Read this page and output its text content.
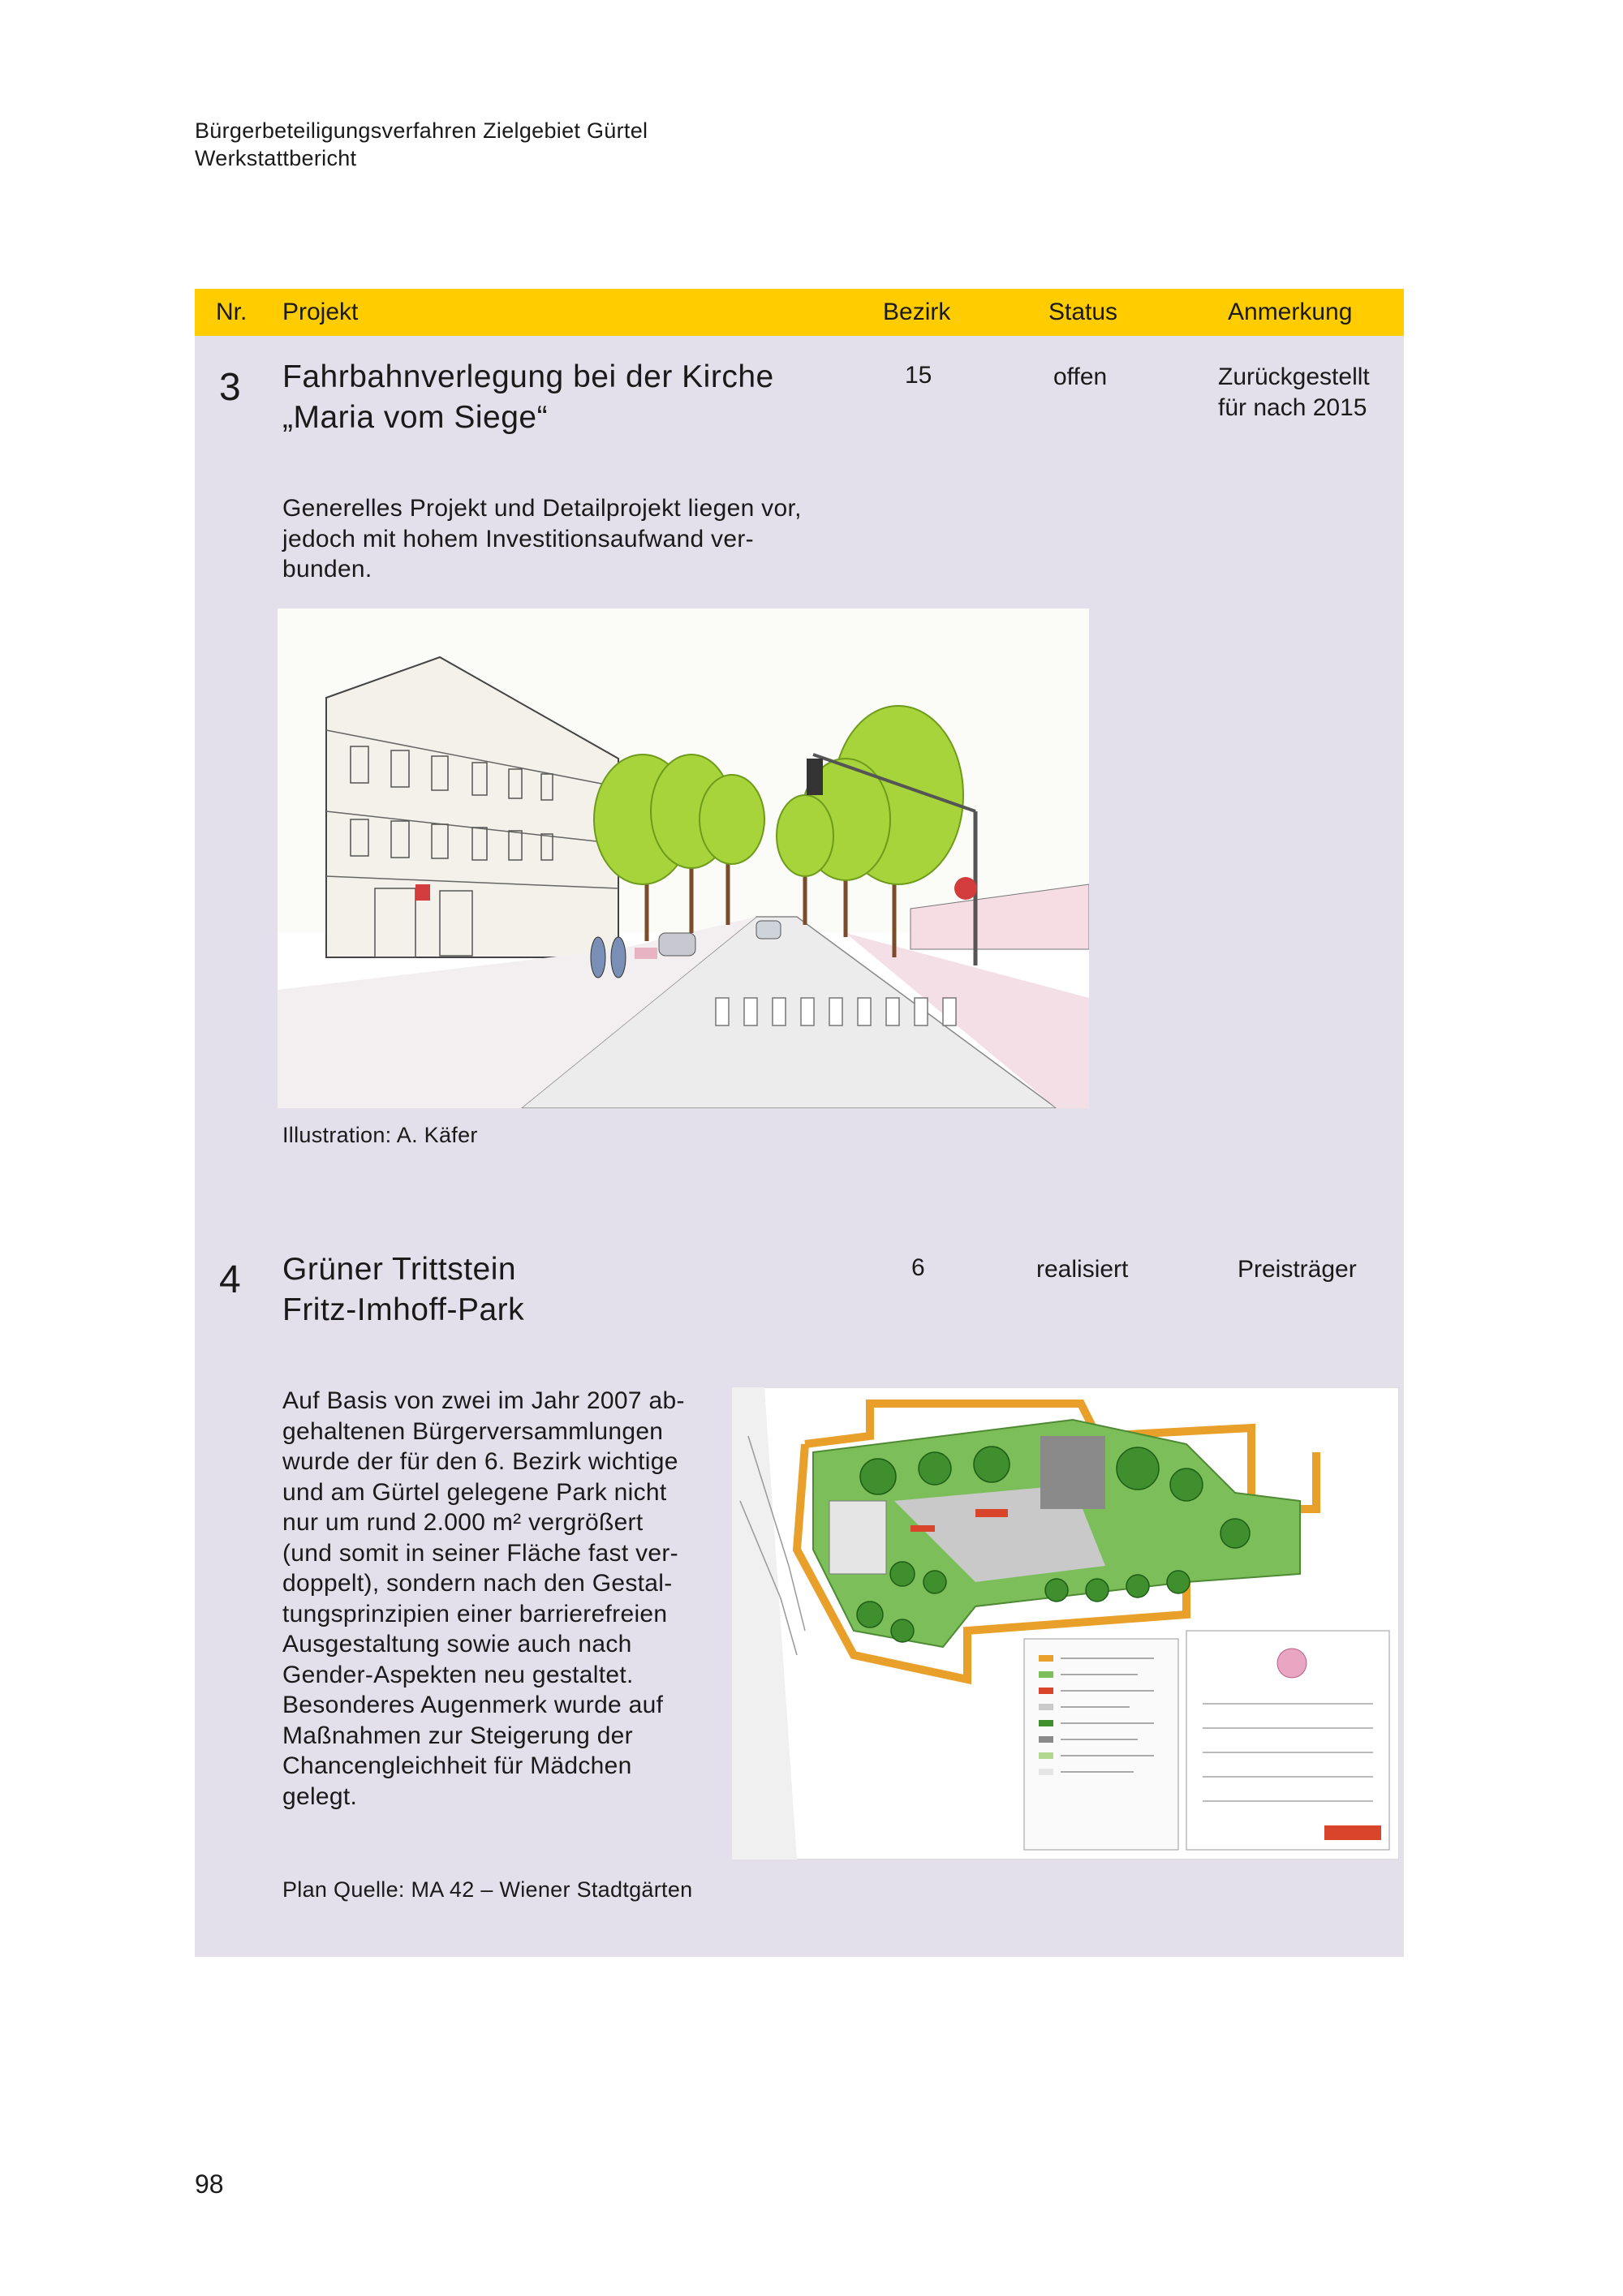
Bürgerbeteiligungsverfahren Zielgebiet Gürtel
Werkstattbericht
Nr. Projekt	Bezirk	Status	Anmerkung
3 Fahrbahnverlegung bei der Kirche
„Maria vom Siege“
15	offen	Zurückgestellt
für nach 2015
Generelles Projekt und Detailprojekt liegen vor,
jedoch mit hohem Investitionsaufwand ver-
bunden.
Illustration: A. Käfer
4 Grüner Trittstein
Fritz-Imhoff-Park
6	realisiert	Preisträger
Auf Basis von zwei im Jahr 2007 ab-
gehaltenen Bürgerversammlungen
wurde der für den 6. Bezirk wichtige
und am Gürtel gelegene Park nicht
nur um rund 2.000 m² vergrößert
(und somit in seiner Fläche fast ver-
doppelt), sondern nach den Gestal-
tungsprinzipien einer barrierefreien
Ausgestaltung sowie auch nach
Gender-Aspekten neu gestaltet.
Besonderes Augenmerk wurde auf
Maßnahmen zur Steigerung der
Chancengleichheit für Mädchen
gelegt.
Plan Quelle: MA 42 – Wiener Stadtgärten
98
